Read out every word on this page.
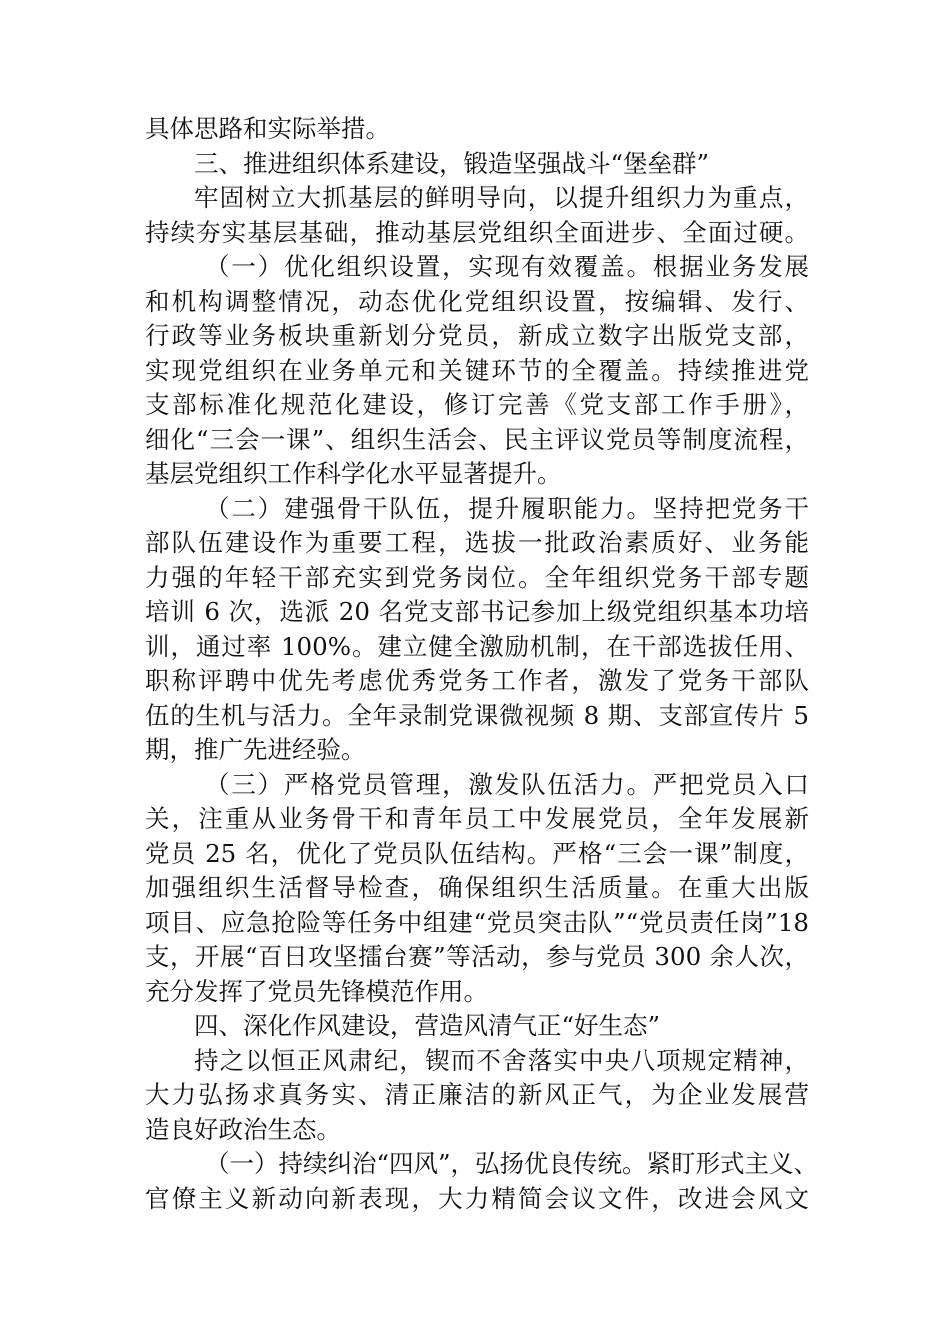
具体思路和实际举措。
三、推进组织体系建设，锻造坚强战斗“堡垒群”
牢固树立大抓基层的鲜明导向，以提升组织力为重点，
持续夯实基层基础，推动基层党组织全面进步、全面过硬。
（一）优化组织设置，实现有效覆盖。根据业务发展
和机构调整情况，动态优化党组织设置，按编辑、发行、
行政等业务板块重新划分党员，新成立数字出版党支部，
实现党组织在业务单元和关键环节的全覆盖。持续推进党
支部标准化规范化建设，修订完善《党支部工作手册》，
细化“三会一课”、组织生活会、民主评议党员等制度流程，
基层党组织工作科学化水平显著提升。
（二）建强骨干队伍，提升履职能力。坚持把党务干
部队伍建设作为重要工程，选拔一批政治素质好、业务能
力强的年轻干部充实到党务岗位。全年组织党务干部专题
培训 6 次，选派 20 名党支部书记参加上级党组织基本功培
训，通过率 100%。建立健全激励机制，在干部选拔任用、
职称评聘中优先考虑优秀党务工作者，激发了党务干部队
伍的生机与活力。全年录制党课微视频 8 期、支部宣传片 5
期，推广先进经验。
（三）严格党员管理，激发队伍活力。严把党员入口
关，注重从业务骨干和青年员工中发展党员，全年发展新
党员 25 名，优化了党员队伍结构。严格“三会一课”制度，
加强组织生活督导检查，确保组织生活质量。在重大出版
项目、应急抢险等任务中组建“党员突击队”“党员责任岗”18
支，开展“百日攻坚擂台赛”等活动，参与党员 300 余人次，
充分发挥了党员先锋模范作用。
四、深化作风建设，营造风清气正“好生态”
持之以恒正风肃纪，锲而不舍落实中央八项规定精神，
大力弘扬求真务实、清正廉洁的新风正气，为企业发展营
造良好政治生态。
（一）持续纠治“四风”，弘扬优良传统。紧盯形式主义、
官僚主义新动向新表现，大力精简会议文件，改进会风文
